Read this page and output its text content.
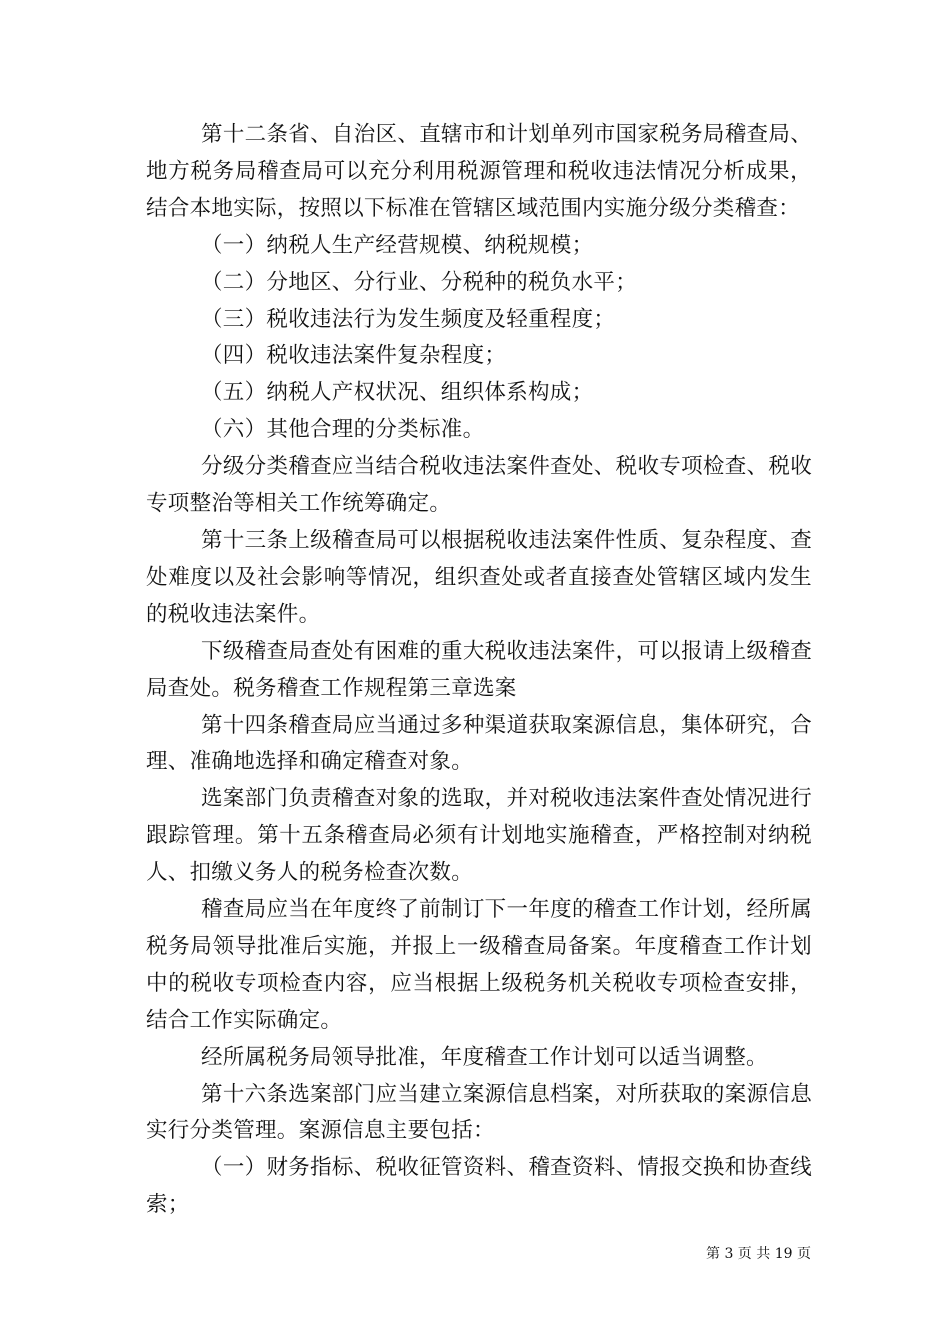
第十二条省、自治区、直辖市和计划单列市国家税务局稽查局、地方税务局稽查局可以充分利用税源管理和税收违法情况分析成果，结合本地实际，按照以下标准在管辖区域范围内实施分级分类稽查：

（一）纳税人生产经营规模、纳税规模；

（二）分地区、分行业、分税种的税负水平；

（三）税收违法行为发生频度及轻重程度；

（四）税收违法案件复杂程度；

（五）纳税人产权状况、组织体系构成；

（六）其他合理的分类标准。

分级分类稽查应当结合税收违法案件查处、税收专项检查、税收专项整治等相关工作统筹确定。

第十三条上级稽查局可以根据税收违法案件性质、复杂程度、查处难度以及社会影响等情况，组织查处或者直接查处管辖区域内发生的税收违法案件。

下级稽查局查处有困难的重大税收违法案件，可以报请上级稽查局查处。税务稽查工作规程第三章选案

第十四条稽查局应当通过多种渠道获取案源信息，集体研究，合理、准确地选择和确定稽查对象。

选案部门负责稽查对象的选取，并对税收违法案件查处情况进行跟踪管理。第十五条稽查局必须有计划地实施稽查，严格控制对纳税人、扣缴义务人的税务检查次数。

稽查局应当在年度终了前制订下一年度的稽查工作计划，经所属税务局领导批准后实施，并报上一级稽查局备案。年度稽查工作计划中的税收专项检查内容，应当根据上级税务机关税收专项检查安排，结合工作实际确定。

经所属税务局领导批准，年度稽查工作计划可以适当调整。

第十六条选案部门应当建立案源信息档案，对所获取的案源信息实行分类管理。案源信息主要包括：

（一）财务指标、税收征管资料、稽查资料、情报交换和协查线索；

第 3 页 共 19 页
